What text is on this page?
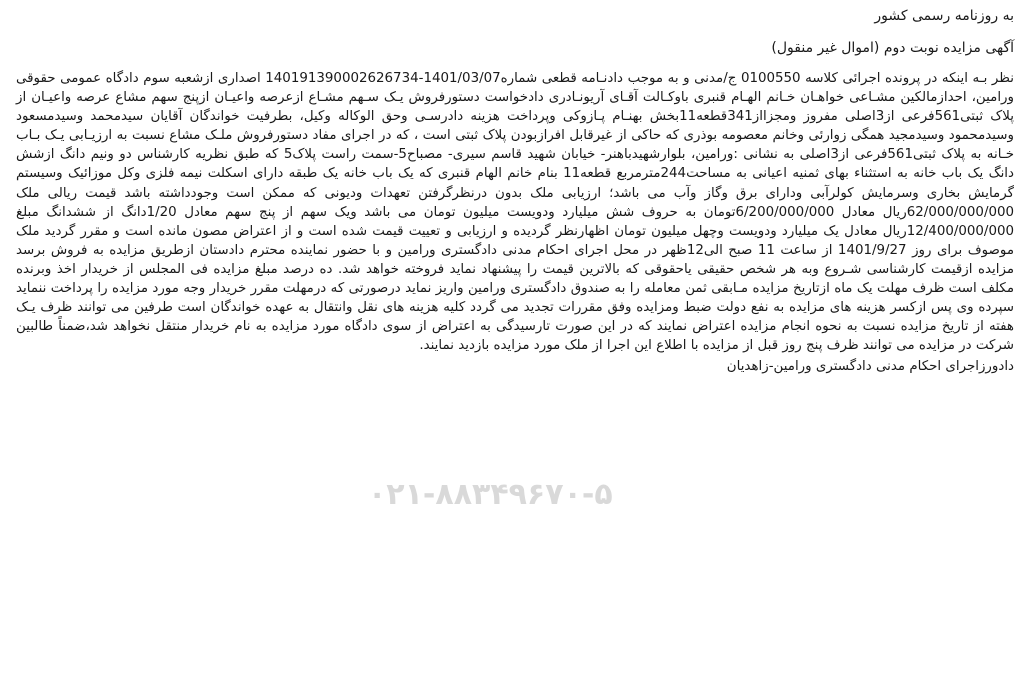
به روزنامه رسمی کشور

آگهی مزایده نوبت دوم (اموال غیر منقول)

نظر بـه اینکه در پرونده اجرائی کلاسه 0100550 ج/مدنی و به موجب دادنـامه قطعی شماره1401/03/07-140191390002626734 اصداری ازشعبه سوم دادگاه عمومی حقوقی ورامین، احدازمالکین مشـاعی خواهـان خـانم الهـام قنبری باوکـالت آقـای آریونـادری دادخواست دستورفروش یـک سـهم مشـاع ازعرصه واعیـان ازپنج سهم مشاع عرصه واعیـان از پلاک ثبتی561فرعی از3اصلی مفروز ومجزااز341قطعه11بخش بهنـام پـازوکی وپرداخت هزینه دادرسـی وحق الوکاله وکیل، بطرفیت خواندگان آقایان سیدمحمد وسیدمسعود وسیدمحمود وسیدمجید همگی زوارئی وخانم معصومه بوذری که حاکی از غیرقابل افرازبودن پلاک ثبتی است ، که در اجرای مفاد دستورفروش ملـک مشاع نسبت به ارزیـابی یـک بـاب خـانه به پلاک ثبتی561فرعی از3اصلی به نشانی :ورامین، بلوارشهیدباهنر- خیابان شهید قاسم سیری- مصباح5-سمت راست پلاک5 که طبق نظریه کارشناس دو ونیم دانگ ازشش دانگ یک باب خانه به استثناء بهای ثمنیه اعیانی به مساحت244مترمربع قطعه11 بنام خانم الهام قنبری که یک باب خانه یک طبقه دارای اسکلت نیمه فلزی وکل موزائیک وسیستم گرمایش بخاری وسرمایش کولرآبی ودارای برق وگاز وآب می باشد؛ ارزیابی ملک بدون درنظرگرفتن تعهدات ودیونی که ممکن است وجودداشته باشد قیمت ریالی ملک 62/000/000/000ریال معادل 6/200/000/000تومان به حروف شش میلیارد ودویست میلیون تومان می باشد ویک سهم از پنج سهم معادل 1/20دانگ از ششدانگ مبلغ 12/400/000/000ریال معادل یک میلیارد ودویست وچهل میلیون تومان اظهارنظر گردیده و ارزیابی و تعییت قیمت شده است و از اعتراض مصون مانده است و مقرر گردید ملک موصوف برای روز 1401/9/27 از ساعت 11 صبح الی12ظهر در محل اجرای احکام مدنی دادگستری ورامین و با حضور نماینده محترم دادستان ازطریق مزایده به فروش برسد مزایده ازقیمت کارشناسی شـروع وبه هر شخص حقیقی یاحقوقی که بالاترین قیمت را پیشنهاد نماید فروخته خواهد شد. ده درصد مبلغ مزایده فی المجلس از خریدار اخذ وبرنده مکلف است ظرف مهلت یک ماه ازتاریخ مزایده مـابقی ثمن معامله را به صندوق دادگستری ورامین واریز نماید درصورتی که درمهلت مقرر خریدار وجه مورد مزایده را پرداخت ننماید سپرده وی پس ازکسر هزینه های مزایده به نفع دولت ضبط ومزایده وفق مقررات تجدید می گردد کلیه هزینه های نقل وانتقال به عهده خواندگان است طرفین می توانند ظرف یـک هفته از تاریخ مزایده نسبت به نحوه انجام مزایده اعتراض نمایند که در این صورت تارسیدگی به اعتراض از سوی دادگاه مورد مزایده به نام خریدار منتقل نخواهد شد،ضمناً طالبین شرکت در مزایده می توانند ظرف پنج روز قبل از مزایده با اطلاع این اجرا از ملک مورد مزایده بازدید نمایند.

دادورزاجرای احکام مدنی دادگستری ورامین-زاهدیان

۰۲۱-۸۸۳۴۹۶۷۰-۵
